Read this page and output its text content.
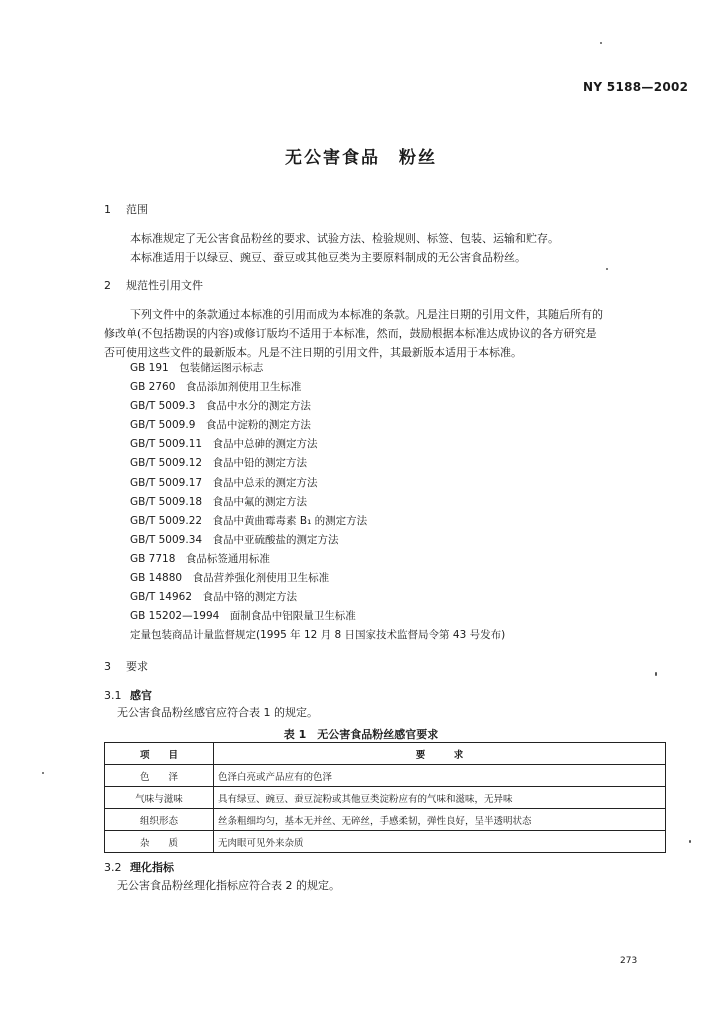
NY 5188—2002
无公害食品　粉丝
1 范围
本标准规定了无公害食品粉丝的要求、试验方法、检验规则、标签、包装、运输和贮存。
本标准适用于以绿豆、豌豆、蚕豆或其他豆类为主要原料制成的无公害食品粉丝。
2 规范性引用文件
下列文件中的条款通过本标准的引用而成为本标准的条款。凡是注日期的引用文件，其随后所有的
修改单(不包括勘误的内容)或修订版均不适用于本标准，然而，鼓励根据本标准达成协议的各方研究是
否可使用这些文件的最新版本。凡是不注日期的引用文件，其最新版本适用于本标准。
GB 191　包装储运图示标志
GB 2760　食品添加剂使用卫生标准
GB/T 5009.3　食品中水分的测定方法
GB/T 5009.9　食品中淀粉的测定方法
GB/T 5009.11　食品中总砷的测定方法
GB/T 5009.12　食品中铅的测定方法
GB/T 5009.17　食品中总汞的测定方法
GB/T 5009.18　食品中氟的测定方法
GB/T 5009.22　食品中黄曲霉毒素 B₁ 的测定方法
GB/T 5009.34　食品中亚硫酸盐的测定方法
GB 7718　食品标签通用标准
GB 14880　食品营养强化剂使用卫生标准
GB/T 14962　食品中铬的测定方法
GB 15202—1994　面制食品中铝限量卫生标准
定量包装商品计量监督规定(1995 年 12 月 8 日国家技术监督局令第 43 号发布)
3 要求
3.1 感官
无公害食品粉丝感官应符合表 1 的规定。
表 1　无公害食品粉丝感官要求
项　　目	要　　　求
色　　泽	色泽白亮或产品应有的色泽
气味与滋味	具有绿豆、豌豆、蚕豆淀粉或其他豆类淀粉应有的气味和滋味，无异味
组织形态	丝条粗细均匀，基本无并丝、无碎丝，手感柔韧，弹性良好，呈半透明状态
杂　　质	无肉眼可见外来杂质
3.2 理化指标
无公害食品粉丝理化指标应符合表 2 的规定。
273
